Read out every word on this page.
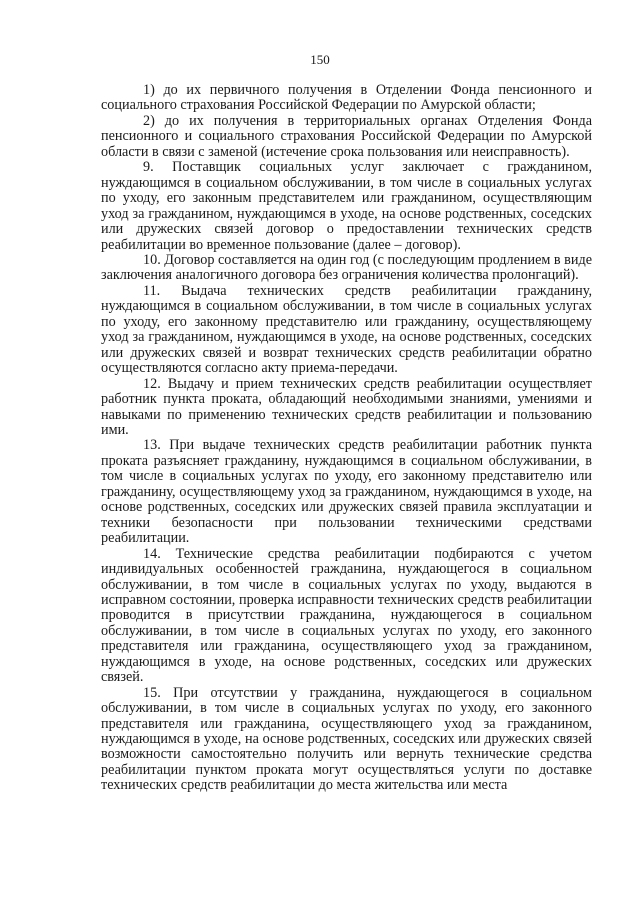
150

1) до их первичного получения в Отделении Фонда пенсионного и социального страхования Российской Федерации по Амурской области;

2) до их получения в территориальных органах Отделения Фонда пенсионного и социального страхования Российской Федерации по Амурской области в связи с заменой (истечение срока пользования или неисправность).

9. Поставщик социальных услуг заключает с гражданином, нуждающимся в социальном обслуживании, в том числе в социальных услугах по уходу, его законным представителем или гражданином, осуществляющим уход за гражданином, нуждающимся в уходе, на основе родственных, соседских или дружеских связей договор о предоставлении технических средств реабилитации во временное пользование (далее – договор).

10. Договор составляется на один год (с последующим продлением в виде заключения аналогичного договора без ограничения количества пролонгаций).

11. Выдача технических средств реабилитации гражданину, нуждающимся в социальном обслуживании, в том числе в социальных услугах по уходу, его законному представителю или гражданину, осуществляющему уход за гражданином, нуждающимся в уходе, на основе родственных, соседских или дружеских связей и возврат технических средств реабилитации обратно осуществляются согласно акту приема-передачи.

12. Выдачу и прием технических средств реабилитации осуществляет работник пункта проката, обладающий необходимыми знаниями, умениями и навыками по применению технических средств реабилитации и пользованию ими.

13. При выдаче технических средств реабилитации работник пункта проката разъясняет гражданину, нуждающимся в социальном обслуживании, в том числе в социальных услугах по уходу, его законному представителю или гражданину, осуществляющему уход за гражданином, нуждающимся в уходе, на основе родственных, соседских или дружеских связей правила эксплуатации и техники безопасности при пользовании техническими средствами реабилитации.

14. Технические средства реабилитации подбираются с учетом индивидуальных особенностей гражданина, нуждающегося в социальном обслуживании, в том числе в социальных услугах по уходу, выдаются в исправном состоянии, проверка исправности технических средств реабилитации проводится в присутствии гражданина, нуждающегося в социальном обслуживании, в том числе в социальных услугах по уходу, его законного представителя или гражданина, осуществляющего уход за гражданином, нуждающимся в уходе, на основе родственных, соседских или дружеских связей.

15. При отсутствии у гражданина, нуждающегося в социальном обслуживании, в том числе в социальных услугах по уходу, его законного представителя или гражданина, осуществляющего уход за гражданином, нуждающимся в уходе, на основе родственных, соседских или дружеских связей возможности самостоятельно получить или вернуть технические средства реабилитации пунктом проката могут осуществляться услуги по доставке технических средств реабилитации до места жительства или места
